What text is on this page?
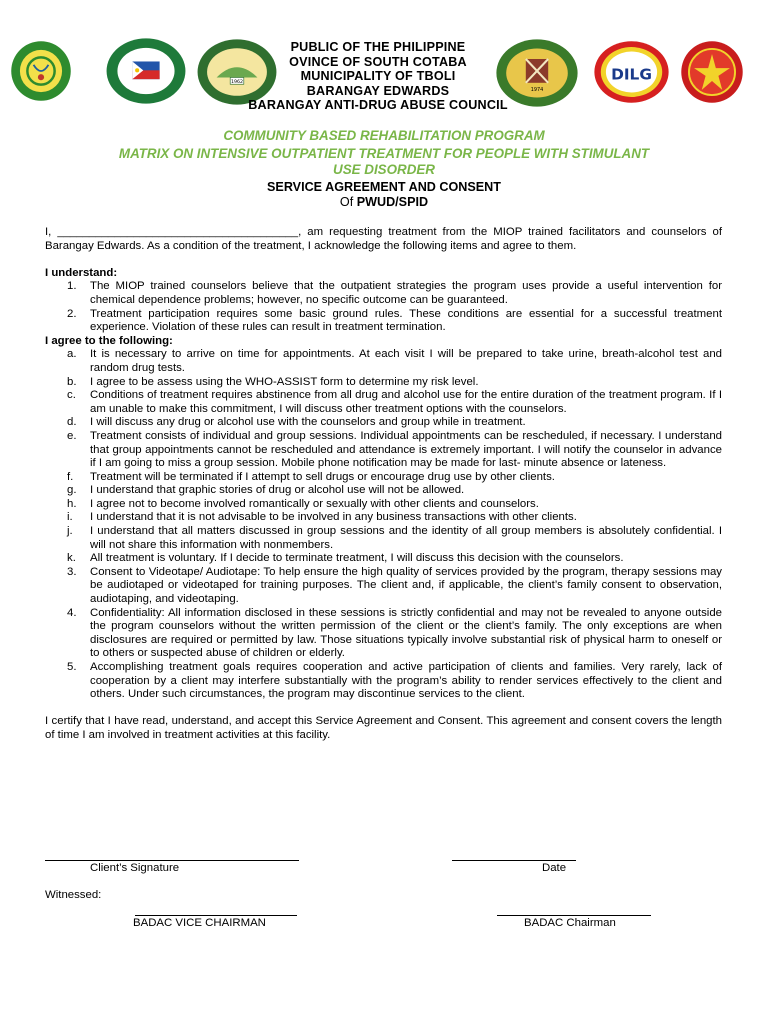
1962
1974
DILG
PUBLIC OF THE PHILIPPINE
OVINCE OF SOUTH COTABA
MUNICIPALITY OF TBOLI
BARANGAY EDWARDS
BARANGAY ANTI-DRUG ABUSE COUNCIL
COMMUNITY BASED REHABILITATION PROGRAM
MATRIX ON INTENSIVE OUTPATIENT TREATMENT FOR PEOPLE WITH STIMULANT
USE DISORDER
SERVICE AGREEMENT AND CONSENT
Of PWUD/SPID

I, ______________________________________, am requesting treatment from the MIOP trained facilitators and counselors of Barangay Edwards. As a condition of the treatment, I acknowledge the following items and agree to them.

I understand:

1.	The MIOP trained counselors believe that the outpatient strategies the program uses provide a useful intervention for chemical dependence problems; however, no specific outcome can be guaranteed.
2.	Treatment participation requires some basic ground rules. These conditions are essential for a successful treatment experience. Violation of these rules can result in treatment termination.

I agree to the following:

a.	It is necessary to arrive on time for appointments. At each visit I will be prepared to take urine, breath-alcohol test and random drug tests.
b.	I agree to be assess using the WHO-ASSIST form to determine my risk level.
c.	Conditions of treatment requires abstinence from all drug and alcohol use for the entire duration of the treatment program. If I am unable to make this commitment, I will discuss other treatment options with the counselors.
d.	I will discuss any drug or alcohol use with the counselors and group while in treatment.
e.	Treatment consists of individual and group sessions. Individual appointments can be rescheduled, if necessary. I understand that group appointments cannot be rescheduled and attendance is extremely important. I will notify the counselor in advance if I am going to miss a group session. Mobile phone notification may be made for last- minute absence or lateness.
f.	Treatment will be terminated if I attempt to sell drugs or encourage drug use by other clients.
g.	I understand that graphic stories of drug or alcohol use will not be allowed.
h.	I agree not to become involved romantically or sexually with other clients and counselors.
i.	I understand that it is not advisable to be involved in any business transactions with other clients.
j.	I understand that all matters discussed in group sessions and the identity of all group members is absolutely confidential. I will not share this information with nonmembers.
k.	All treatment is voluntary. If I decide to terminate treatment, I will discuss this decision with the counselors.
3.	Consent to Videotape/ Audiotape: To help ensure the high quality of services provided by the program, therapy sessions may be audiotaped or videotaped for training purposes. The client and, if applicable, the client’s family consent to observation, audiotaping, and videotaping.
4.	Confidentiality: All information disclosed in these sessions is strictly confidential and may not be revealed to anyone outside the program counselors without the written permission of the client or the client’s family. The only exceptions are when disclosures are required or permitted by law. Those situations typically involve substantial risk of physical harm to oneself or to others or suspected abuse of children or elderly.
5.	Accomplishing treatment goals requires cooperation and active participation of clients and families. Very rarely, lack of cooperation by a client may interfere substantially with the program’s ability to render services effectively to the client and others. Under such circumstances, the program may discontinue services to the client.

I certify that I have read, understand, and accept this Service Agreement and Consent. This agreement and consent covers the length of time I am involved in treatment activities at this facility.

Client’s Signature	Date
Witnessed:
BADAC VICE CHAIRMAN	BADAC Chairman
